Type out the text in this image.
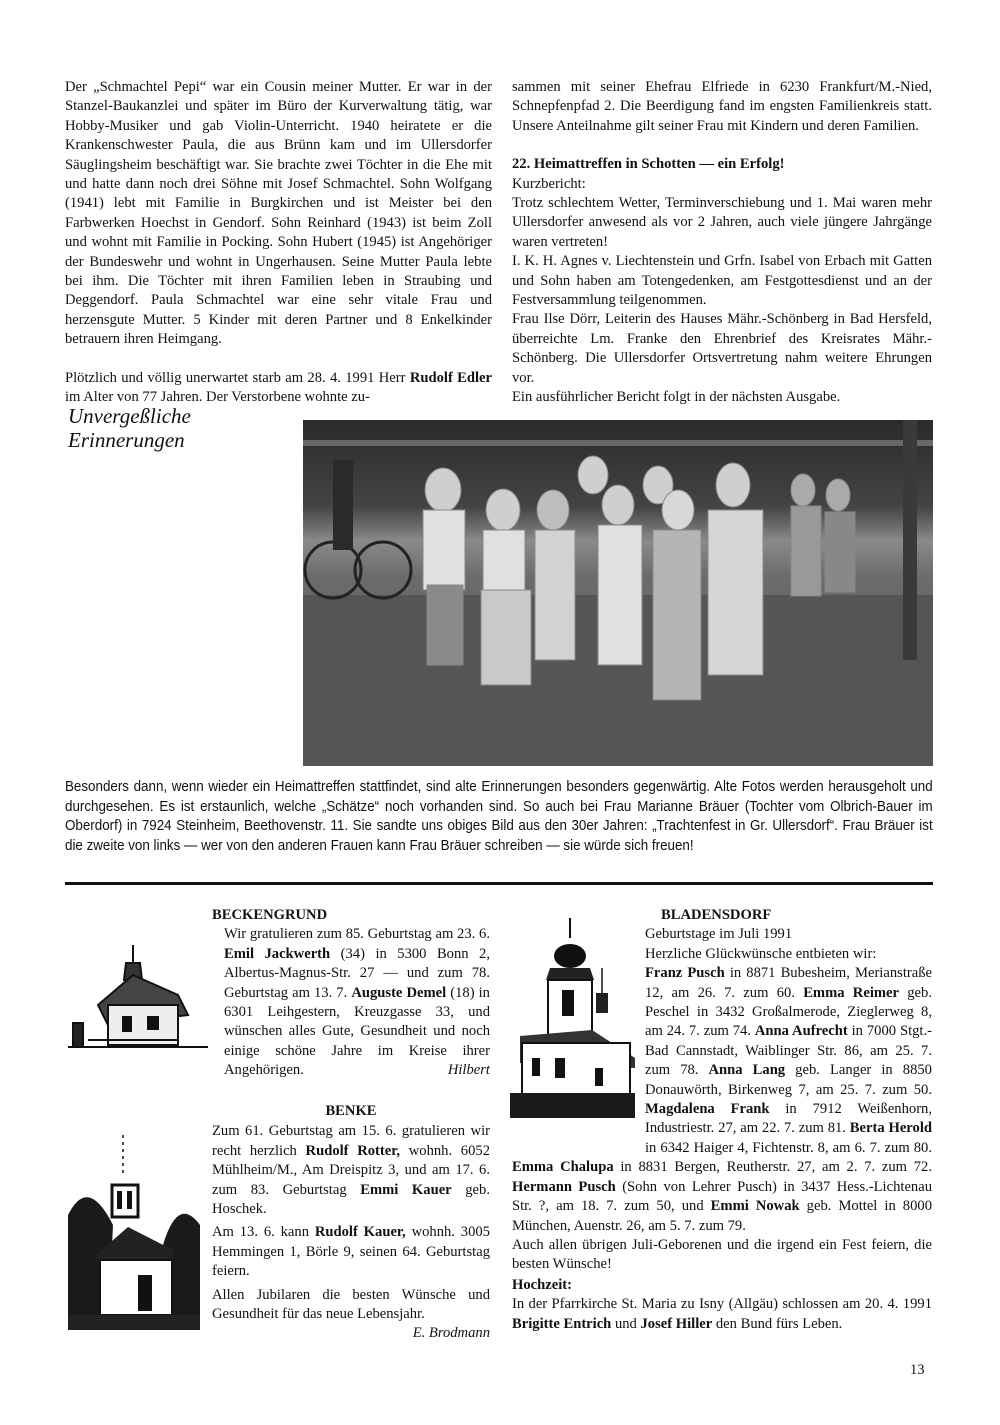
Der „Schmachtel Pepi“ war ein Cousin meiner Mutter. Er war in der Stanzel-Baukanzlei und später im Büro der Kurverwaltung tätig, war Hobby-Musiker und gab Violin-Unterricht. 1940 heiratete er die Krankenschwester Paula, die aus Brünn kam und im Ullersdorfer Säuglingsheim beschäftigt war. Sie brachte zwei Töchter in die Ehe mit und hatte dann noch drei Söhne mit Josef Schmachtel. Sohn Wolfgang (1941) lebt mit Familie in Burgkirchen und ist Meister bei den Farbwerken Hoechst in Gendorf. Sohn Reinhard (1943) ist beim Zoll und wohnt mit Familie in Pocking. Sohn Hubert (1945) ist Angehöriger der Bundeswehr und wohnt in Ungerhausen. Seine Mutter Paula lebte bei ihm. Die Töchter mit ihren Familien leben in Straubing und Deggendorf. Paula Schmachtel war eine sehr vitale Frau und herzensgute Mutter. 5 Kinder mit deren Partner und 8 Enkelkinder betrauern ihren Heimgang.

Plötzlich und völlig unerwartet starb am 28. 4. 1991 Herr Rudolf Edler im Alter von 77 Jahren. Der Verstorbene wohnte zu-

sammen mit seiner Ehefrau Elfriede in 6230 Frankfurt/M.-Nied, Schnepfenpfad 2. Die Beerdigung fand im engsten Familienkreis statt. Unsere Anteilnahme gilt seiner Frau mit Kindern und deren Familien.

22. Heimattreffen in Schotten — ein Erfolg!

Kurzbericht:

Trotz schlechtem Wetter, Terminverschiebung und 1. Mai waren mehr Ullersdorfer anwesend als vor 2 Jahren, auch viele jüngere Jahrgänge waren vertreten!

I. K. H. Agnes v. Liechtenstein und Grfn. Isabel von Erbach mit Gatten und Sohn haben am Totengedenken, am Festgottesdienst und an der Festversammlung teilgenommen.

Frau Ilse Dörr, Leiterin des Hauses Mähr.-Schönberg in Bad Hersfeld, überreichte Lm. Franke den Ehrenbrief des Kreisrates Mähr.-Schönberg. Die Ullersdorfer Ortsvertretung nahm weitere Ehrungen vor.

Ein ausführlicher Bericht folgt in der nächsten Ausgabe.

Unvergeßliche
Erinnerungen

Besonders dann, wenn wieder ein Heimattreffen stattfindet, sind alte Erinnerungen besonders gegenwärtig. Alte Fotos werden herausgeholt und durchgesehen. Es ist erstaunlich, welche „Schätze“ noch vorhanden sind. So auch bei Frau Marianne Bräuer (Tochter vom Olbrich-Bauer im Oberdorf) in 7924 Steinheim, Beethovenstr. 11. Sie sandte uns obiges Bild aus den 30er Jahren: „Trachtenfest in Gr. Ullersdorf“. Frau Bräuer ist die zweite von links — wer von den anderen Frauen kann Frau Bräuer schreiben — sie würde sich freuen!

BECKENGRUND

Wir gratulieren zum 85. Geburtstag am 23. 6. Emil Jackwerth (34) in 5300 Bonn 2, Albertus-Magnus-Str. 27 — und zum 78. Geburtstag am 13. 7. Auguste Demel (18) in 6301 Leihgestern, Kreuzgasse 33, und wünschen alles Gute, Gesundheit und noch einige schöne Jahre im Kreise ihrer Angehörigen.	Hilbert

BENKE

Zum 61. Geburtstag am 15. 6. gratulieren wir recht herzlich Rudolf Rotter, wohnh. 6052 Mühlheim/M., Am Dreispitz 3, und am 17. 6. zum 83. Geburtstag Emmi Kauer geb. Hoschek.

Am 13. 6. kann Rudolf Kauer, wohnh. 3005 Hemmingen 1, Börle 9, seinen 64. Geburtstag feiern.

Allen Jubilaren die besten Wünsche und Gesundheit für das neue Lebensjahr.

E. Brodmann

BLADENSDORF

Geburtstage im Juli 1991

Herzliche Glückwünsche entbieten wir:

Franz Pusch in 8871 Bubesheim, Merianstraße 12, am 26. 7. zum 60. Emma Reimer geb. Peschel in 3432 Großalmerode, Zieglerweg 8, am 24. 7. zum 74. Anna Aufrecht in 7000 Stgt.-Bad Cannstadt, Waiblinger Str. 86, am 25. 7. zum 78. Anna Lang geb. Langer in 8850 Donauwörth, Birkenweg 7, am 25. 7. zum 50. Magdalena Frank in 7912 Weißenhorn, Industriestr. 27, am 22. 7. zum 81. Berta Herold in 6342 Haiger 4, Fichtenstr. 8, am 6. 7. zum 80. Emma Chalupa in 8831 Bergen, Reutherstr. 27, am 2. 7. zum 72. Hermann Pusch (Sohn von Lehrer Pusch) in 3437 Hess.-Lichtenau Str. ?, am 18. 7. zum 50, und Emmi Nowak geb. Mottel in 8000 München, Auenstr. 26, am 5. 7. zum 79.

Auch allen übrigen Juli-Geborenen und die irgend ein Fest feiern, die besten Wünsche!

Hochzeit:

In der Pfarrkirche St. Maria zu Isny (Allgäu) schlossen am 20. 4. 1991 Brigitte Entrich und Josef Hiller den Bund fürs Leben.

13
